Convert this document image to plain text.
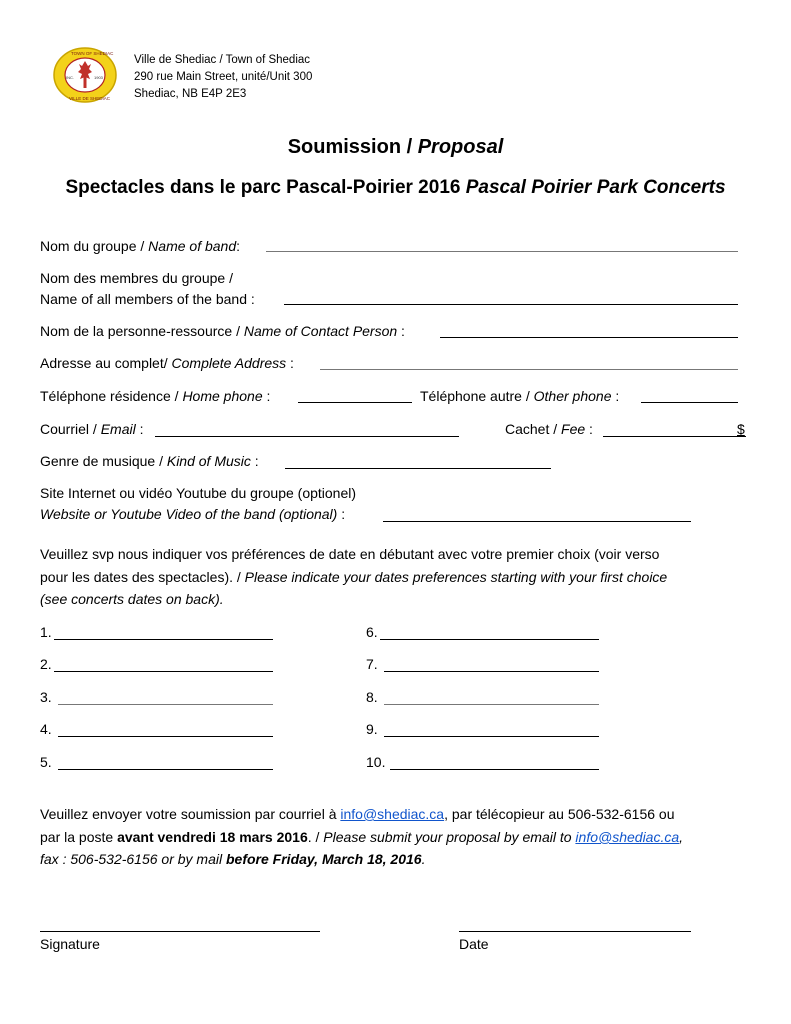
INC.	1903
TOWN OF SHEDIAC
VILLE DE SHEDIAC
Ville de Shediac / Town of Shediac
290 rue Main Street, unité/Unit 300
Shediac, NB E4P 2E3
Soumission / Proposal
Spectacles dans le parc Pascal-Poirier 2016 Pascal Poirier Park Concerts
Nom du groupe / Name of band:
Nom des membres du groupe /
Name of all members of the band :
Nom de la personne-ressource / Name of Contact Person :
Adresse au complet/ Complete Address :
Téléphone résidence / Home phone :	Téléphone autre / Other phone :
Courriel / Email :	Cachet / Fee :	$
Genre de musique / Kind of Music :
Site Internet ou vidéo Youtube du groupe (optionel)
Website or Youtube Video of the band (optional) :
Veuillez svp nous indiquer vos préférences de date en débutant avec votre premier choix (voir verso
pour les dates des spectacles). / Please indicate your dates preferences starting with your first choice
(see concerts dates on back).
1.
2.
3.
4.
5.
6.
7.
8.
9.
10.
Veuillez envoyer votre soumission par courriel à info@shediac.ca, par télécopieur au 506-532-6156 ou
par la poste avant vendredi 18 mars 2016. / Please submit your proposal by email to info@shediac.ca,
fax : 506-532-6156 or by mail before Friday, March 18, 2016.
Signature	Date
